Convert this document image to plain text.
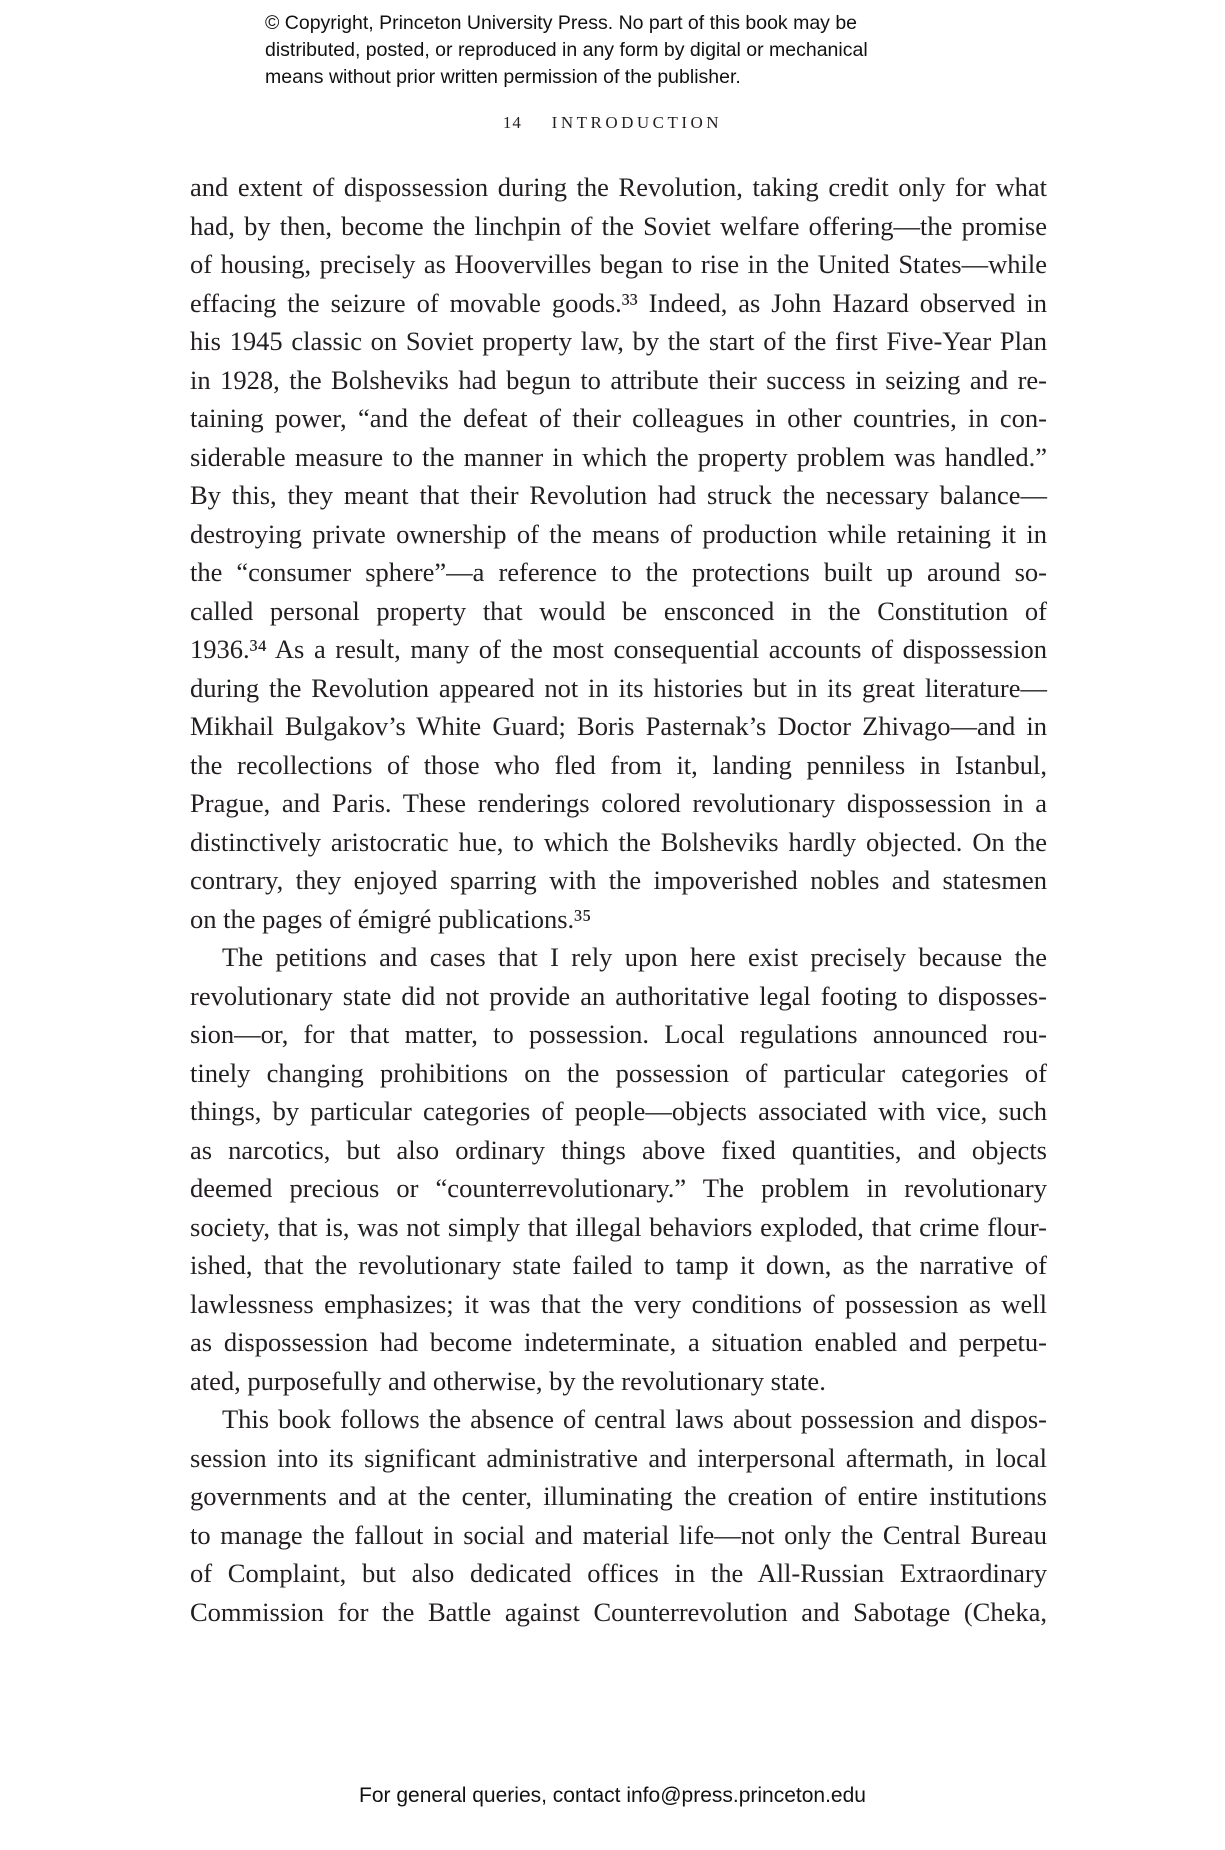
© Copyright, Princeton University Press. No part of this book may be
distributed, posted, or reproduced in any form by digital or mechanical
means without prior written permission of the publisher.
14 INTRODUCTION
and extent of dispossession during the Revolution, taking credit only for what
had, by then, become the linchpin of the Soviet welfare offering—the promise
of housing, precisely as Hoovervilles began to rise in the United States—while
effacing the seizure of movable goods.³³ Indeed, as John Hazard observed in
his 1945 classic on Soviet property law, by the start of the first Five-Year Plan
in 1928, the Bolsheviks had begun to attribute their success in seizing and re-
taining power, “and the defeat of their colleagues in other countries, in con-
siderable measure to the manner in which the property problem was handled.”
By this, they meant that their Revolution had struck the necessary balance—
destroying private ownership of the means of production while retaining it in
the “consumer sphere”—a reference to the protections built up around so-
called personal property that would be ensconced in the Constitution of
1936.³⁴ As a result, many of the most consequential accounts of dispossession
during the Revolution appeared not in its histories but in its great literature—
Mikhail Bulgakov’s White Guard; Boris Pasternak’s Doctor Zhivago—and in
the recollections of those who fled from it, landing penniless in Istanbul,
Prague, and Paris. These renderings colored revolutionary dispossession in a
distinctively aristocratic hue, to which the Bolsheviks hardly objected. On the
contrary, they enjoyed sparring with the impoverished nobles and statesmen
on the pages of émigré publications.³⁵
The petitions and cases that I rely upon here exist precisely because the
revolutionary state did not provide an authoritative legal footing to disposses-
sion—or, for that matter, to possession. Local regulations announced rou-
tinely changing prohibitions on the possession of particular categories of
things, by particular categories of people—objects associated with vice, such
as narcotics, but also ordinary things above fixed quantities, and objects
deemed precious or “counterrevolutionary.” The problem in revolutionary
society, that is, was not simply that illegal behaviors exploded, that crime flour-
ished, that the revolutionary state failed to tamp it down, as the narrative of
lawlessness emphasizes; it was that the very conditions of possession as well
as dispossession had become indeterminate, a situation enabled and perpetu-
ated, purposefully and otherwise, by the revolutionary state.
This book follows the absence of central laws about possession and dispos-
session into its significant administrative and interpersonal aftermath, in local
governments and at the center, illuminating the creation of entire institutions
to manage the fallout in social and material life—not only the Central Bureau
of Complaint, but also dedicated offices in the All-Russian Extraordinary
Commission for the Battle against Counterrevolution and Sabotage (Cheka,
For general queries, contact info@press.princeton.edu
